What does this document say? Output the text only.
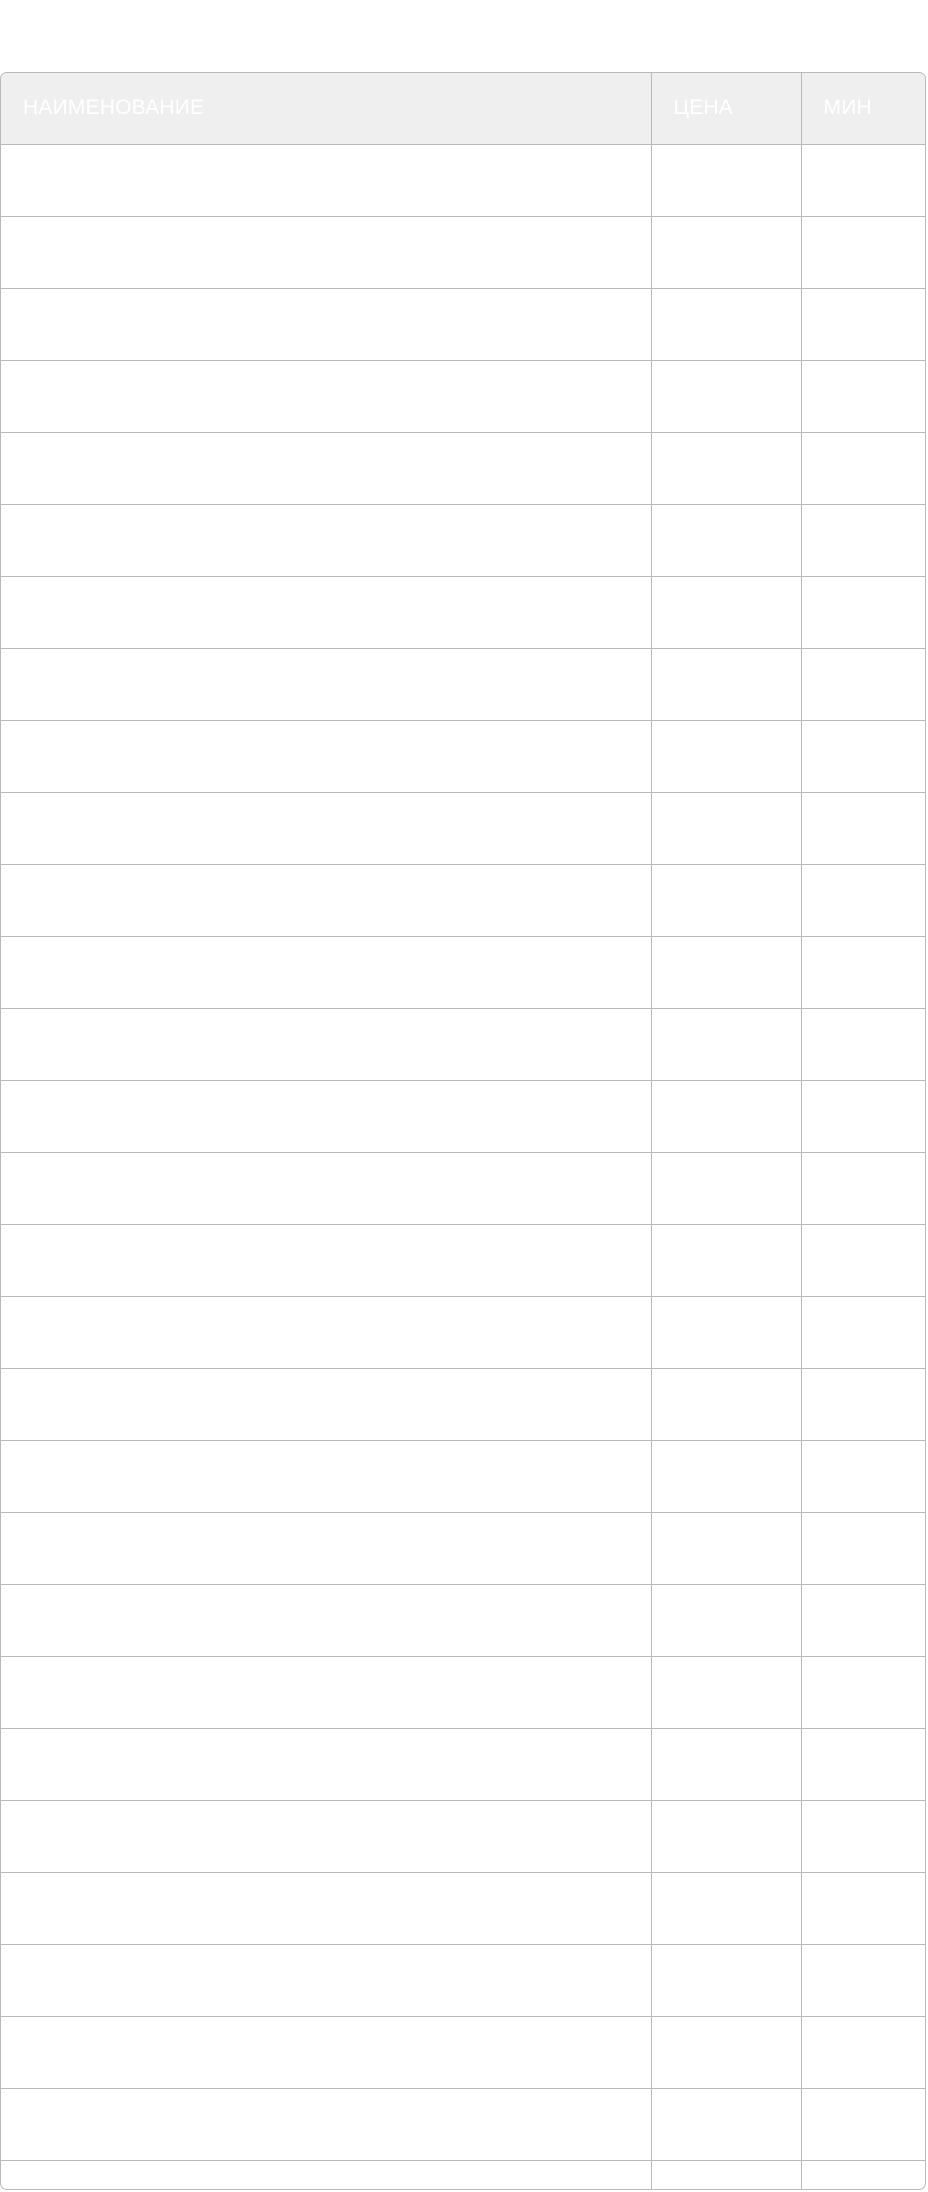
НАИМЕНОВАНИЕ	ЦЕНА	МИН
